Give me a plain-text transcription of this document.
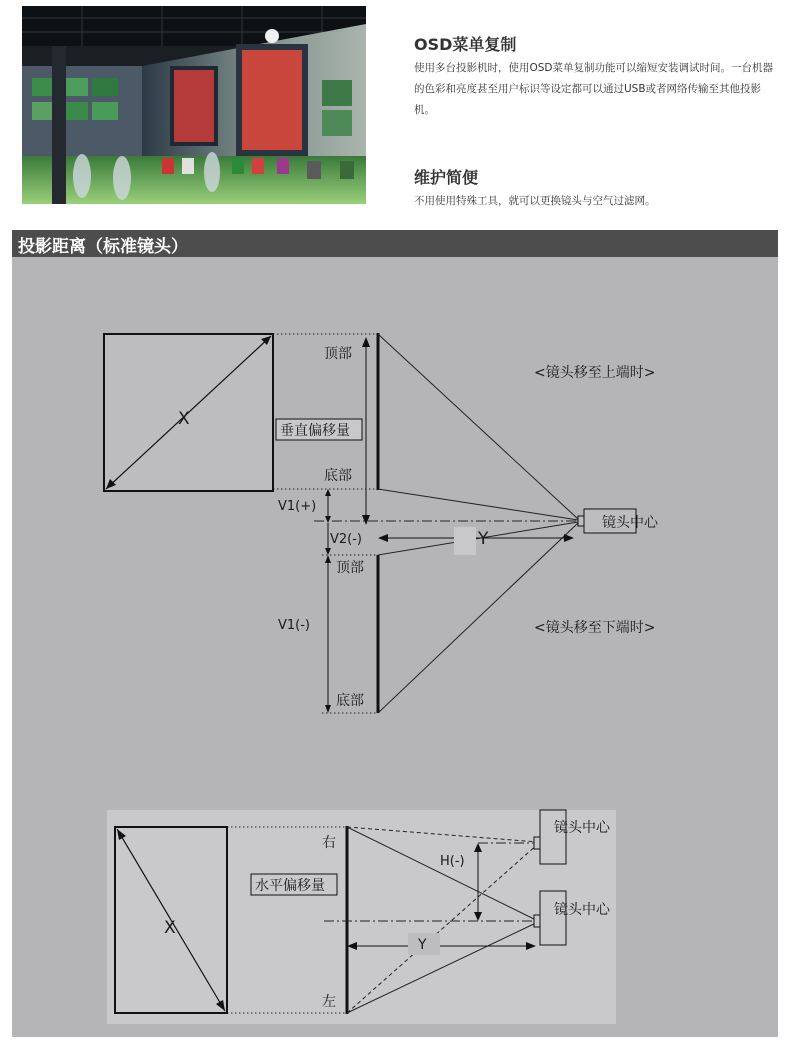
OSD菜单复制

使用多台投影机时，使用OSD菜单复制功能可以缩短安装调试时间。一台机器的色彩和亮度甚至用户标识等设定都可以通过USB或者网络传输至其他投影机。

维护简便

不用使用特殊工具，就可以更换镜头与空气过滤网。

投影距离（标准镜头）
X
Y
镜头中心
顶部
垂直偏移量
底部
V1(+)
V2(-)
顶部
V1(-)
底部
<镜头移至上端时>
<镜头移至下端时>
X
H(-)
Y
镜头中心
镜头中心
右
水平偏移量
左
